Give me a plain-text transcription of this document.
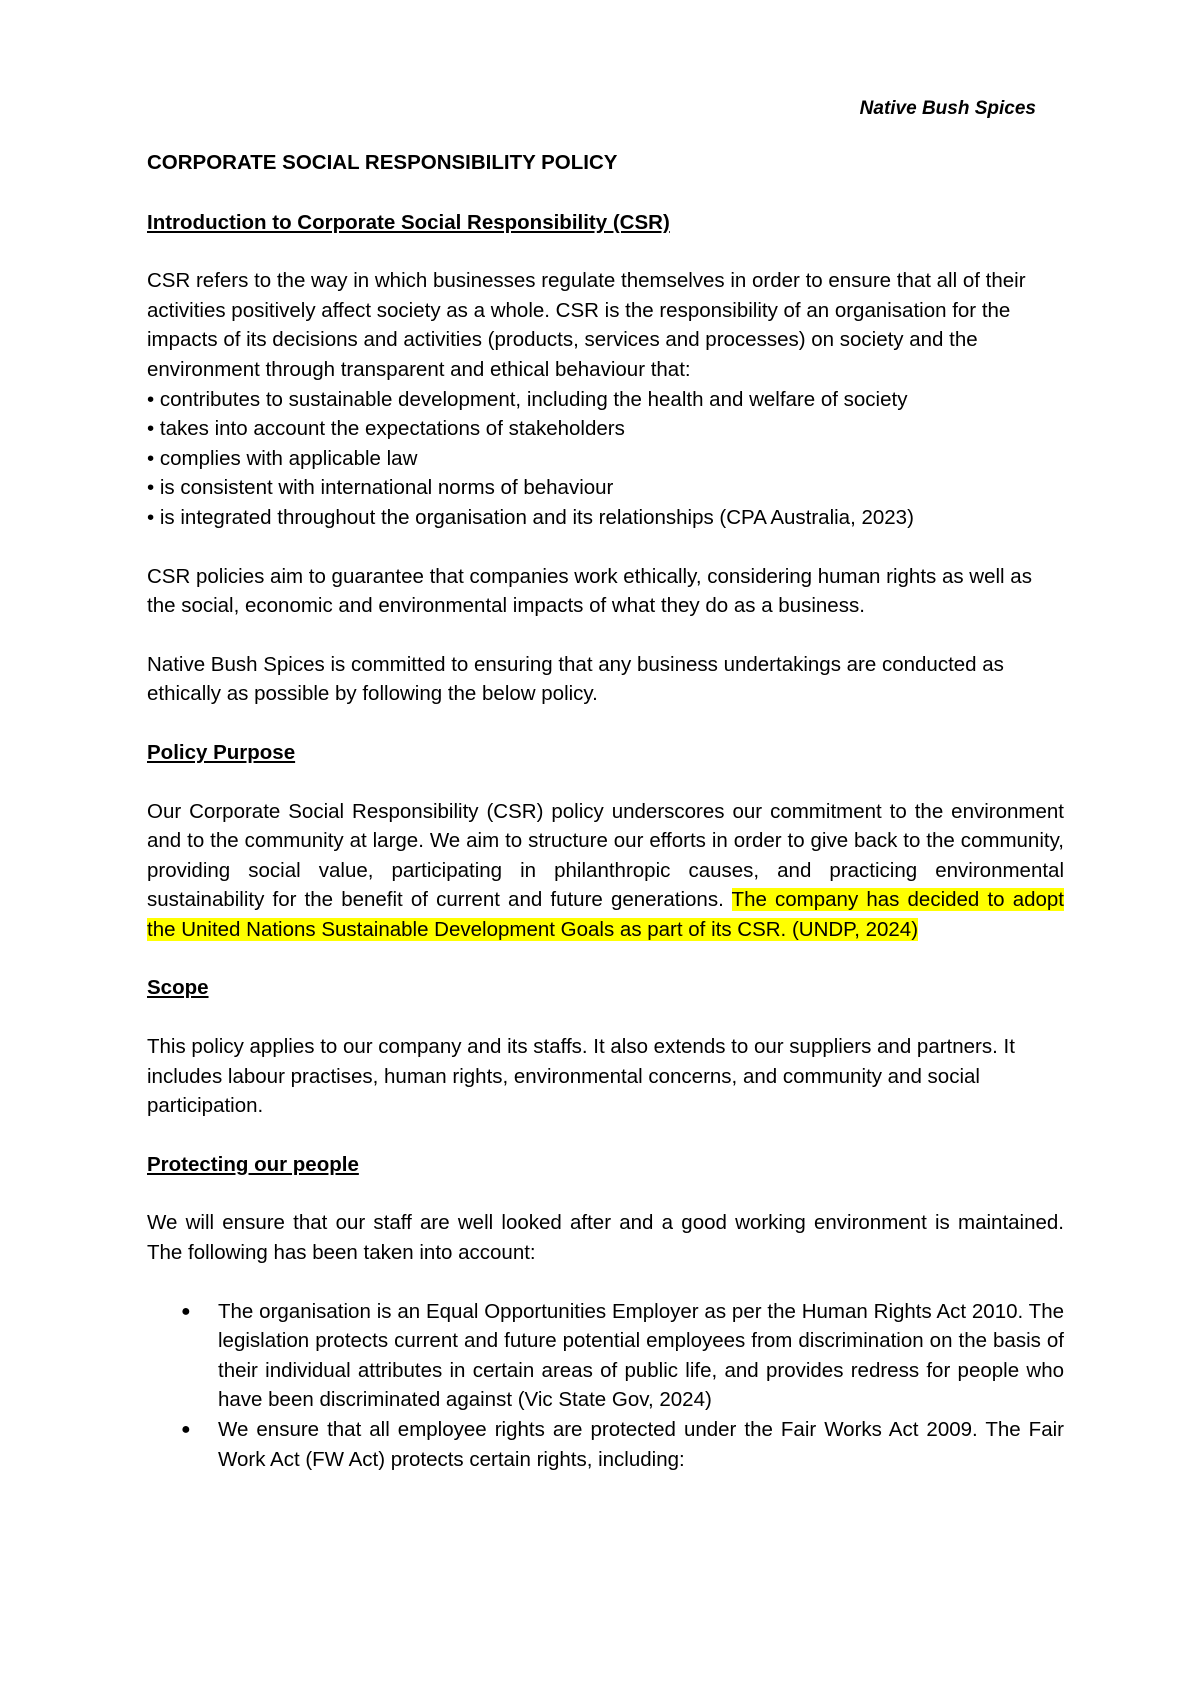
Native Bush Spices
CORPORATE SOCIAL RESPONSIBILITY POLICY
Introduction to Corporate Social Responsibility (CSR)
CSR refers to the way in which businesses regulate themselves in order to ensure that all of their activities positively affect society as a whole. CSR is the responsibility of an organisation for the impacts of its decisions and activities (products, services and processes) on society and the environment through transparent and ethical behaviour that:
• contributes to sustainable development, including the health and welfare of society
• takes into account the expectations of stakeholders
• complies with applicable law
• is consistent with international norms of behaviour
• is integrated throughout the organisation and its relationships (CPA Australia, 2023)
CSR policies aim to guarantee that companies work ethically, considering human rights as well as the social, economic and environmental impacts of what they do as a business.
Native Bush Spices is committed to ensuring that any business undertakings are conducted as ethically as possible by following the below policy.
Policy Purpose
Our Corporate Social Responsibility (CSR) policy underscores our commitment to the environment and to the community at large. We aim to structure our efforts in order to give back to the community, providing social value, participating in philanthropic causes, and practicing environmental sustainability for the benefit of current and future generations. The company has decided to adopt the United Nations Sustainable Development Goals as part of its CSR. (UNDP, 2024)
Scope
This policy applies to our company and its staffs. It also extends to our suppliers and partners. It includes labour practises, human rights, environmental concerns, and community and social participation.
Protecting our people
We will ensure that our staff are well looked after and a good working environment is maintained. The following has been taken into account:
● The organisation is an Equal Opportunities Employer as per the Human Rights Act 2010. The legislation protects current and future potential employees from discrimination on the basis of their individual attributes in certain areas of public life, and provides redress for people who have been discriminated against (Vic State Gov, 2024)
● We ensure that all employee rights are protected under the Fair Works Act 2009. The Fair Work Act (FW Act) protects certain rights, including:
